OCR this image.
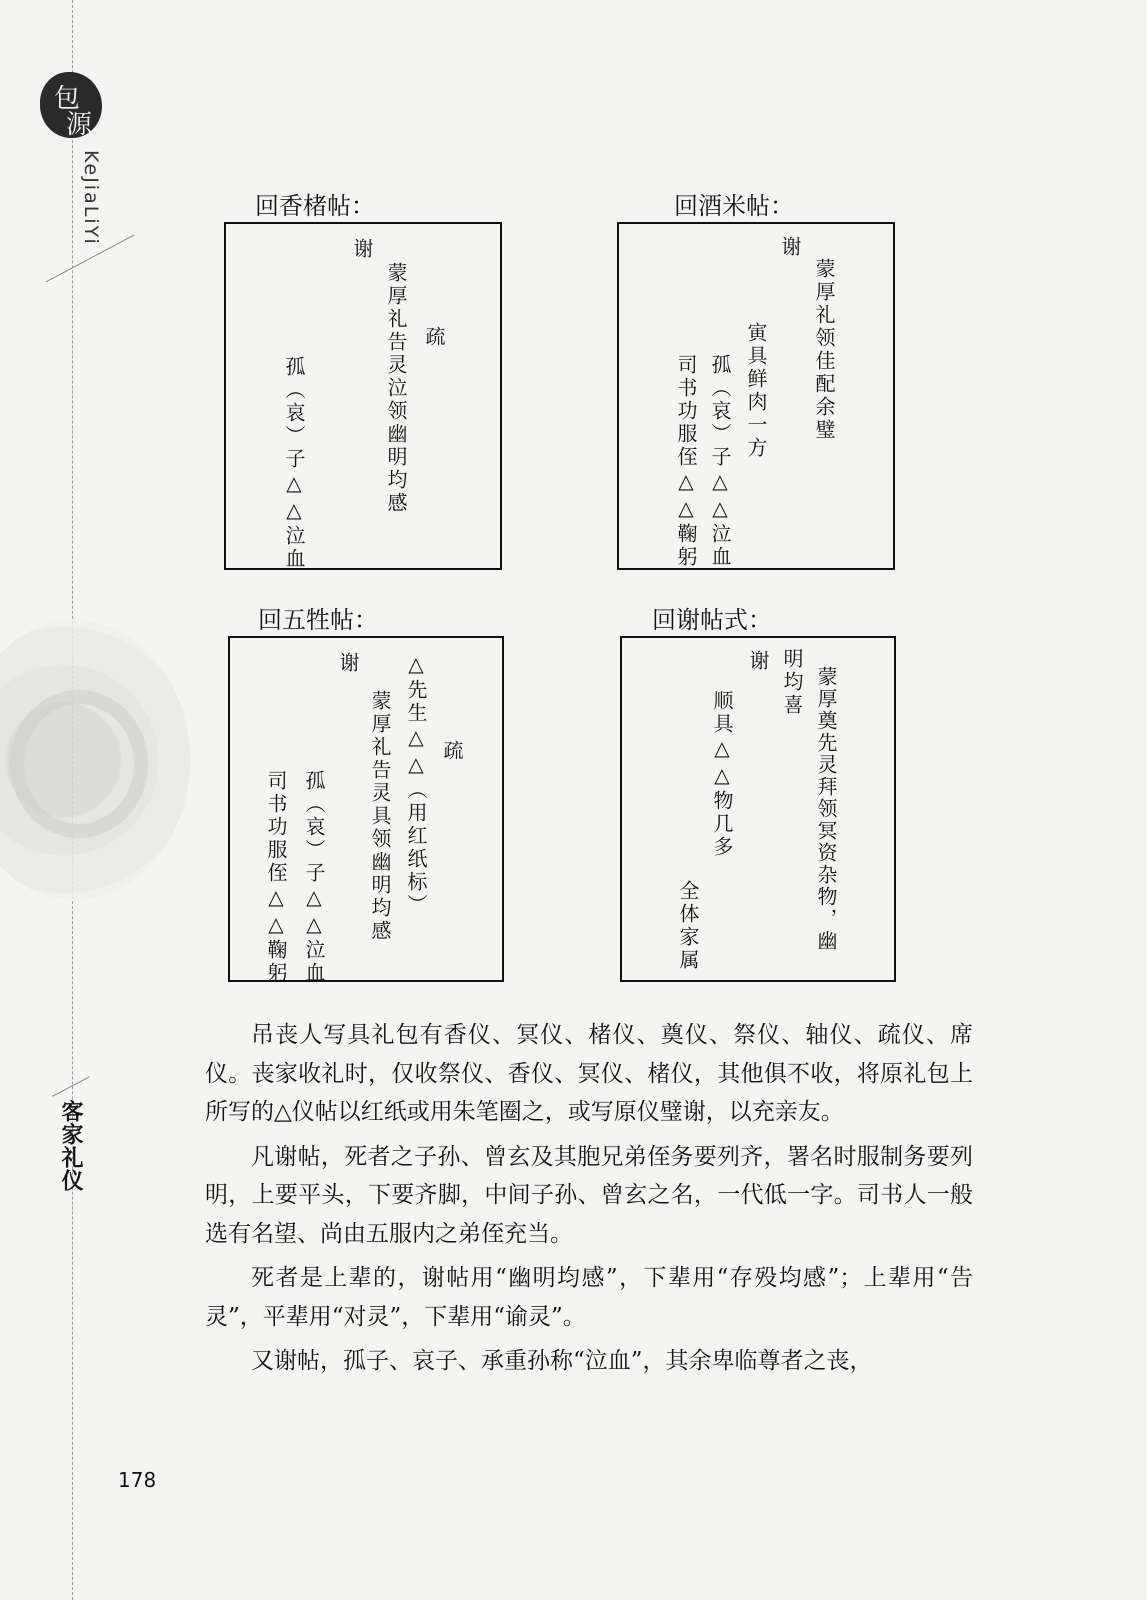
包
源
KeJiaLiYi
客家礼仪
回香楮帖：
谢
蒙厚礼告灵泣领幽明均感 疏
孤（哀）子△△泣血
回酒米帖：
谢
蒙厚礼领佳配余璧
寅具鲜肉一方
孤（哀）子△△泣血
司书功服侄△△鞠躬
回五牲帖：
谢 △先生△△（用红纸标）
蒙厚礼告灵具领幽明均感 疏
孤（哀）子△△泣血
司书功服侄△△鞠躬
回谢帖式：
谢 明均喜 蒙厚奠先灵拜领冥资杂物，幽
顺具△△物几多
全体家属

吊丧人写具礼包有香仪、冥仪、楮仪、奠仪、祭仪、轴仪、疏仪、席仪。丧家收礼时，仅收祭仪、香仪、冥仪、楮仪，其他俱不收，将原礼包上所写的△仪帖以红纸或用朱笔圈之，或写原仪璧谢，以充亲友。

凡谢帖，死者之子孙、曾玄及其胞兄弟侄务要列齐，署名时服制务要列明，上要平头，下要齐脚，中间子孙、曾玄之名，一代低一字。司书人一般选有名望、尚由五服内之弟侄充当。

死者是上辈的，谢帖用“幽明均感”，下辈用“存殁均感”；上辈用“告灵”，平辈用“对灵”，下辈用“谕灵”。

又谢帖，孤子、哀子、承重孙称“泣血”，其余卑临尊者之丧，

178
